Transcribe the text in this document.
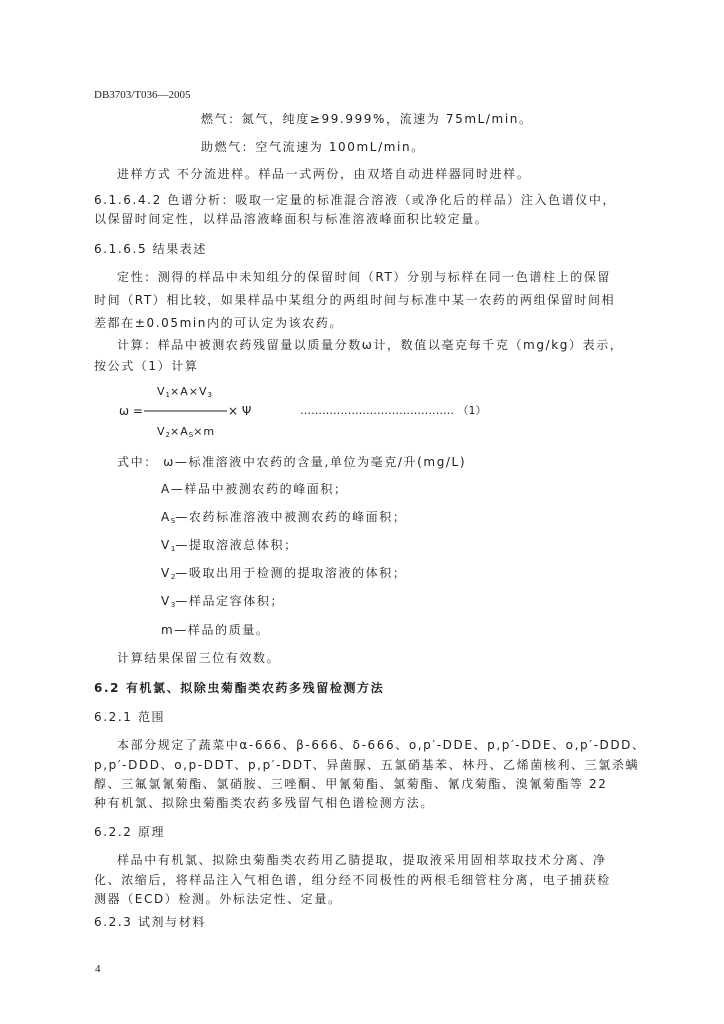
DB3703/T036—2005
燃气：氮气，纯度≥99.999%，流速为 75mL/min。
助燃气：空气流速为 100mL/min。
进样方式 不分流进样。样品一式两份，由双塔自动进样器同时进样。
6.1.6.4.2 色谱分析：吸取一定量的标准混合溶液（或净化后的样品）注入色谱仪中，
以保留时间定性，以样品溶液峰面积与标准溶液峰面积比较定量。
6.1.6.5 结果表述
定性：测得的样品中未知组分的保留时间（RT）分别与标样在同一色谱柱上的保留
时间（RT）相比较，如果样品中某组分的两组时间与标准中某一农药的两组保留时间相
差都在±0.05min内的可认定为该农药。
计算：样品中被测农药残留量以质量分数ω计，数值以毫克每千克（mg/kg）表示，
按公式（1）计算
$V_1\times A\times V_3$
ω =	× Ψ	…………………………………… （1）
$V_2\times A_S\times m$
式中： ω—标准溶液中农药的含量,单位为毫克/升(mg/L)
A—样品中被测农药的峰面积；
$A_S—$农药标准溶液中被测农药的峰面积；
$V_1—$提取溶液总体积；
$V_2—$吸取出用于检测的提取溶液的体积；
$V_3—$样品定容体积；
m—样品的质量。
计算结果保留三位有效数。
6.2 有机氯、拟除虫菊酯类农药多残留检测方法
6.2.1 范围
本部分规定了蔬菜中α-666、β-666、δ-666、o,p′-DDE、p,p′-DDE、o,p′-DDD、
p,p′-DDD、o,p-DDT、p,p′-DDT、异菌脲、五氯硝基苯、林丹、乙烯菌核利、三氯杀螨
醇、三氟氯氰菊酯、氯硝胺、三唑酮、甲氰菊酯、氯菊酯、氰戊菊酯、溴氰菊酯等 22
种有机氯、拟除虫菊酯类农药多残留气相色谱检测方法。
6.2.2 原理
样品中有机氯、拟除虫菊酯类农药用乙腈提取，提取液采用固相萃取技术分离、净
化、浓缩后，将样品注入气相色谱，组分经不同极性的两根毛细管柱分离，电子捕获检
测器（ECD）检测。外标法定性、定量。
6.2.3 试剂与材料
4
